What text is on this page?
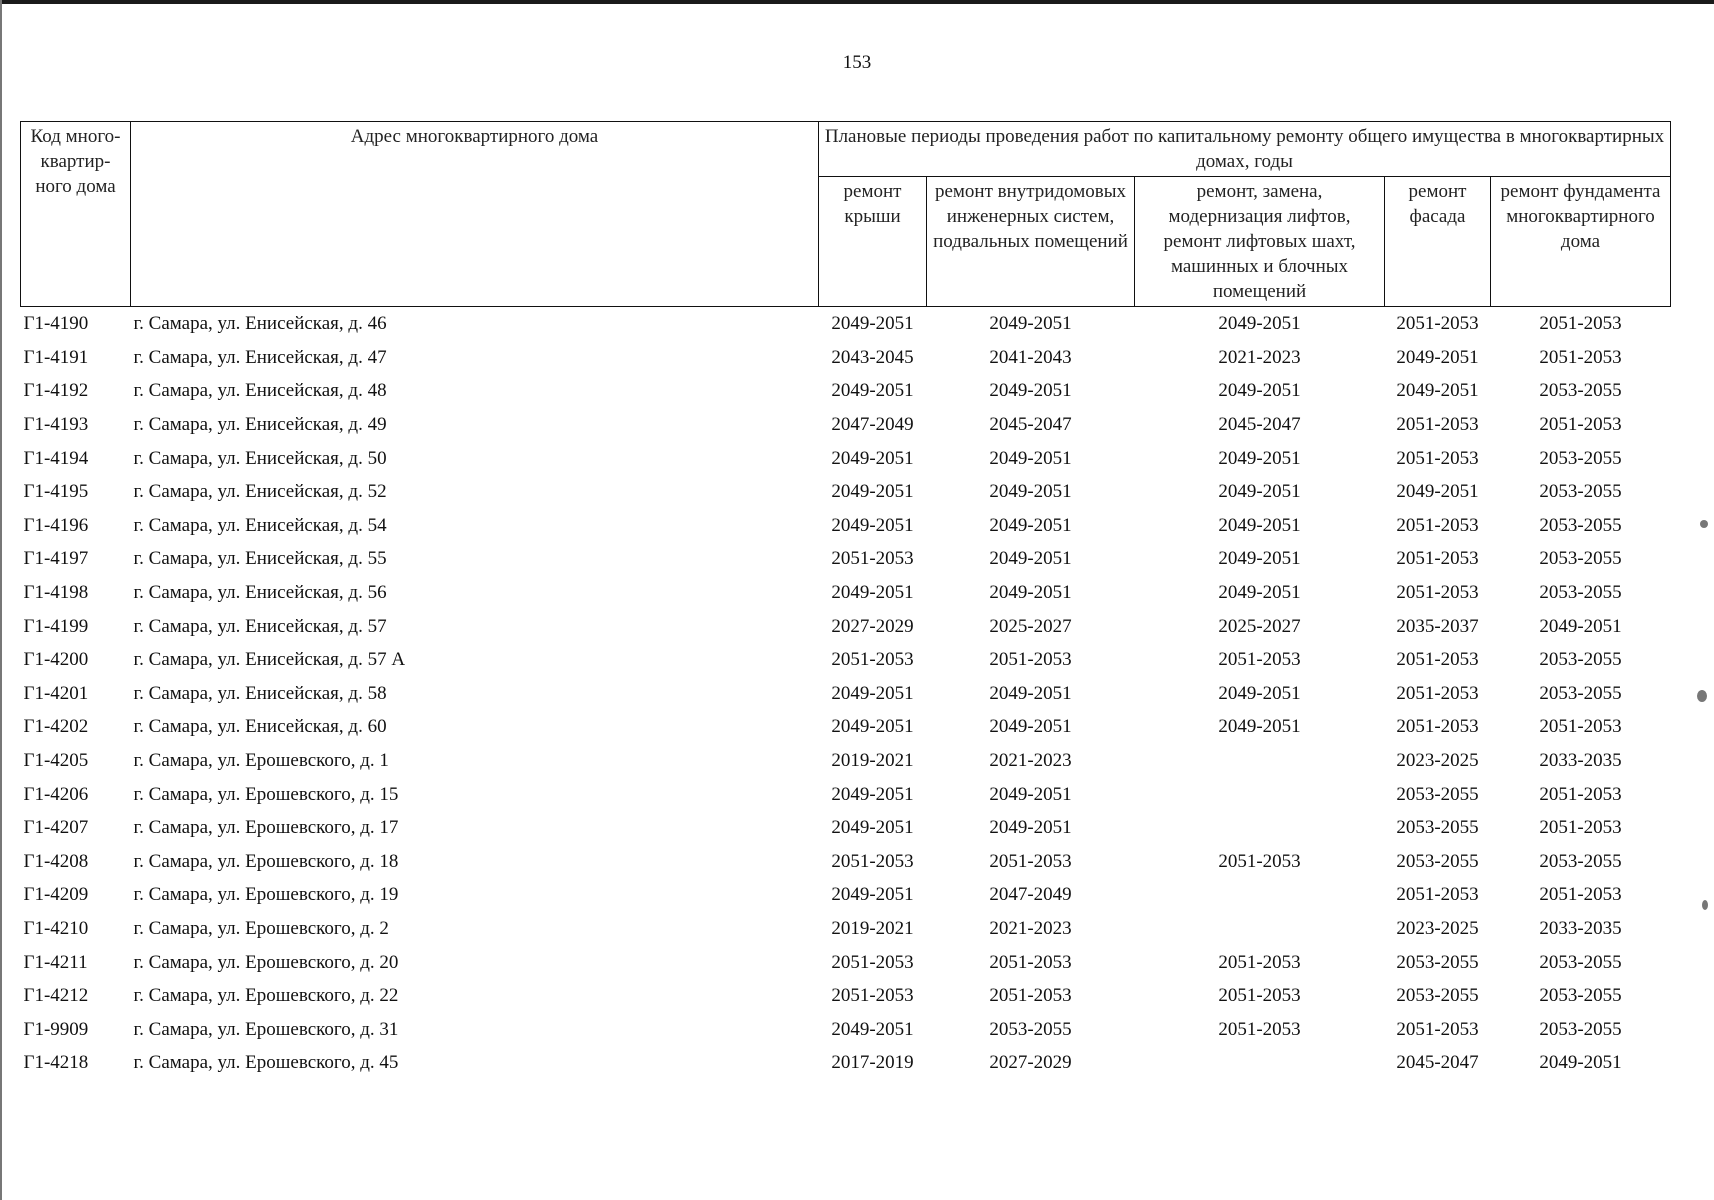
153
Код много-квартир-ного дома	Адрес многоквартирного дома	Плановые периоды проведения работ по капитальному ремонту общего имущества в многоквартирных домах, годы				
		ремонт крыши	ремонт внутридомовых инженерных систем, подвальных помещений	ремонт, замена, модернизация лифтов, ремонт лифтовых шахт, машинных и блочных помещений	ремонт фасада	ремонт фундамента многоквартирного дома
Г1-4190	г. Самара, ул. Енисейская, д. 46	2049-2051	2049-2051	2049-2051	2051-2053	2051-2053
Г1-4191	г. Самара, ул. Енисейская, д. 47	2043-2045	2041-2043	2021-2023	2049-2051	2051-2053
Г1-4192	г. Самара, ул. Енисейская, д. 48	2049-2051	2049-2051	2049-2051	2049-2051	2053-2055
Г1-4193	г. Самара, ул. Енисейская, д. 49	2047-2049	2045-2047	2045-2047	2051-2053	2051-2053
Г1-4194	г. Самара, ул. Енисейская, д. 50	2049-2051	2049-2051	2049-2051	2051-2053	2053-2055
Г1-4195	г. Самара, ул. Енисейская, д. 52	2049-2051	2049-2051	2049-2051	2049-2051	2053-2055
Г1-4196	г. Самара, ул. Енисейская, д. 54	2049-2051	2049-2051	2049-2051	2051-2053	2053-2055
Г1-4197	г. Самара, ул. Енисейская, д. 55	2051-2053	2049-2051	2049-2051	2051-2053	2053-2055
Г1-4198	г. Самара, ул. Енисейская, д. 56	2049-2051	2049-2051	2049-2051	2051-2053	2053-2055
Г1-4199	г. Самара, ул. Енисейская, д. 57	2027-2029	2025-2027	2025-2027	2035-2037	2049-2051
Г1-4200	г. Самара, ул. Енисейская, д. 57 А	2051-2053	2051-2053	2051-2053	2051-2053	2053-2055
Г1-4201	г. Самара, ул. Енисейская, д. 58	2049-2051	2049-2051	2049-2051	2051-2053	2053-2055
Г1-4202	г. Самара, ул. Енисейская, д. 60	2049-2051	2049-2051	2049-2051	2051-2053	2051-2053
Г1-4205	г. Самара, ул. Ерошевского, д. 1	2019-2021	2021-2023		2023-2025	2033-2035
Г1-4206	г. Самара, ул. Ерошевского, д. 15	2049-2051	2049-2051		2053-2055	2051-2053
Г1-4207	г. Самара, ул. Ерошевского, д. 17	2049-2051	2049-2051		2053-2055	2051-2053
Г1-4208	г. Самара, ул. Ерошевского, д. 18	2051-2053	2051-2053	2051-2053	2053-2055	2053-2055
Г1-4209	г. Самара, ул. Ерошевского, д. 19	2049-2051	2047-2049		2051-2053	2051-2053
Г1-4210	г. Самара, ул. Ерошевского, д. 2	2019-2021	2021-2023		2023-2025	2033-2035
Г1-4211	г. Самара, ул. Ерошевского, д. 20	2051-2053	2051-2053	2051-2053	2053-2055	2053-2055
Г1-4212	г. Самара, ул. Ерошевского, д. 22	2051-2053	2051-2053	2051-2053	2053-2055	2053-2055
Г1-9909	г. Самара, ул. Ерошевского, д. 31	2049-2051	2053-2055	2051-2053	2051-2053	2053-2055
Г1-4218	г. Самара, ул. Ерошевского, д. 45	2017-2019	2027-2029		2045-2047	2049-2051
